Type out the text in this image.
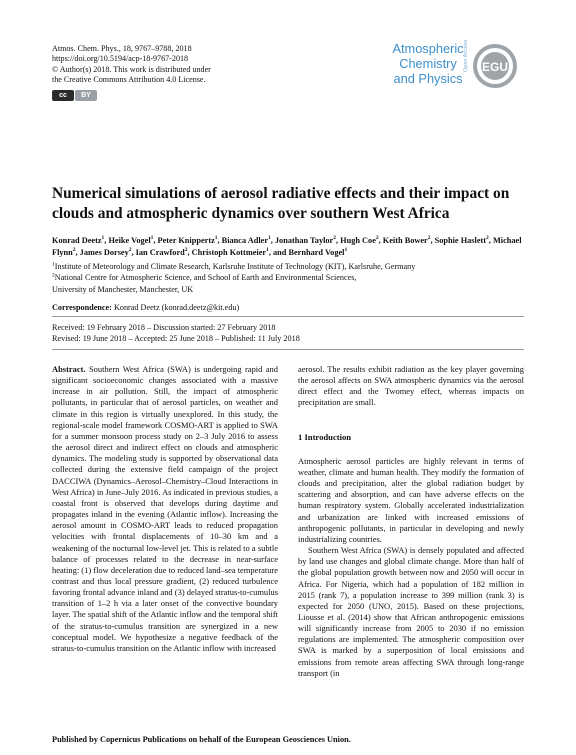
Atmos. Chem. Phys., 18, 9767–9788, 2018
https://doi.org/10.5194/acp-18-9767-2018
© Author(s) 2018. This work is distributed under
the Creative Commons Attribution 4.0 License.
cc	BY
Atmospheric
Chemistry
and Physics
Open Access EGU
Numerical simulations of aerosol radiative effects and their impact on clouds and atmospheric dynamics over southern West Africa
Konrad Deetz$^1$, Heike Vogel$^1$, Peter Knippertz$^1$, Bianca Adler$^1$, Jonathan Taylor$^2$, Hugh Coe$^2$, Keith Bower$^2$, Sophie Haslett$^2$, Michael Flynn$^2$, James Dorsey$^2$, Ian Crawford$^2$, Christoph Kottmeier$^1$, and Bernhard Vogel$^1$
$^1$Institute of Meteorology and Climate Research, Karlsruhe Institute of Technology (KIT), Karlsruhe, Germany
$^2$National Centre for Atmospheric Science, and School of Earth and Environmental Sciences,
University of Manchester, Manchester, UK
Correspondence: Konrad Deetz (konrad.deetz@kit.edu)
Received: 19 February 2018 – Discussion started: 27 February 2018
Revised: 19 June 2018 – Accepted: 25 June 2018 – Published: 11 July 2018

Abstract. Southern West Africa (SWA) is undergoing rapid and significant socioeconomic changes associated with a massive increase in air pollution. Still, the impact of atmospheric pollutants, in particular that of aerosol particles, on weather and climate in this region is virtually unexplored. In this study, the regional-scale model framework COSMO-ART is applied to SWA for a summer monsoon process study on 2–3 July 2016 to assess the aerosol direct and indirect effect on clouds and atmospheric dynamics. The modeling study is supported by observational data collected during the extensive field campaign of the project DACCIWA (Dynamics–Aerosol–Chemistry–Cloud Interactions in West Africa) in June–July 2016. As indicated in previous studies, a coastal front is observed that develops during daytime and propagates inland in the evening (Atlantic inflow). Increasing the aerosol amount in COSMO-ART leads to reduced propagation velocities with frontal displacements of 10–30 km and a weakening of the nocturnal low-level jet. This is related to a subtle balance of processes related to the decrease in near-surface heating: (1) flow deceleration due to reduced land–sea temperature contrast and thus local pressure gradient, (2) reduced turbulence favoring frontal advance inland and (3) delayed stratus-to-cumulus transition of 1–2 h via a later onset of the convective boundary layer. The spatial shift of the Atlantic inflow and the temporal shift of the stratus-to-cumulus transition are synergized in a new conceptual model. We hypothesize a negative feedback of the stratus-to-cumulus transition on the Atlantic inflow with increased

aerosol. The results exhibit radiation as the key player governing the aerosol affects on SWA atmospheric dynamics via the aerosol direct effect and the Twomey effect, whereas impacts on precipitation are small.

1 Introduction

Atmospheric aerosol particles are highly relevant in terms of weather, climate and human health. They modify the formation of clouds and precipitation, alter the global radiation budget by scattering and absorption, and can have adverse effects on the human respiratory system. Globally accelerated industrialization and urbanization are linked with increased emissions of anthropogenic pollutants, in particular in developing and newly industrializing countries.

Southern West Africa (SWA) is densely populated and affected by land use changes and global climate change. More than half of the global population growth between now and 2050 will occur in Africa. For Nigeria, which had a population of 182 million in 2015 (rank 7), a population increase to 399 million (rank 3) is expected for 2050 (UNO, 2015). Based on these projections, Liousse et al. (2014) show that African anthropogenic emissions will significantly increase from 2005 to 2030 if no emission regulations are implemented. The atmospheric composition over SWA is marked by a superposition of local emissions and emissions from remote areas affecting SWA through long-range transport (in

Published by Copernicus Publications on behalf of the European Geosciences Union.
